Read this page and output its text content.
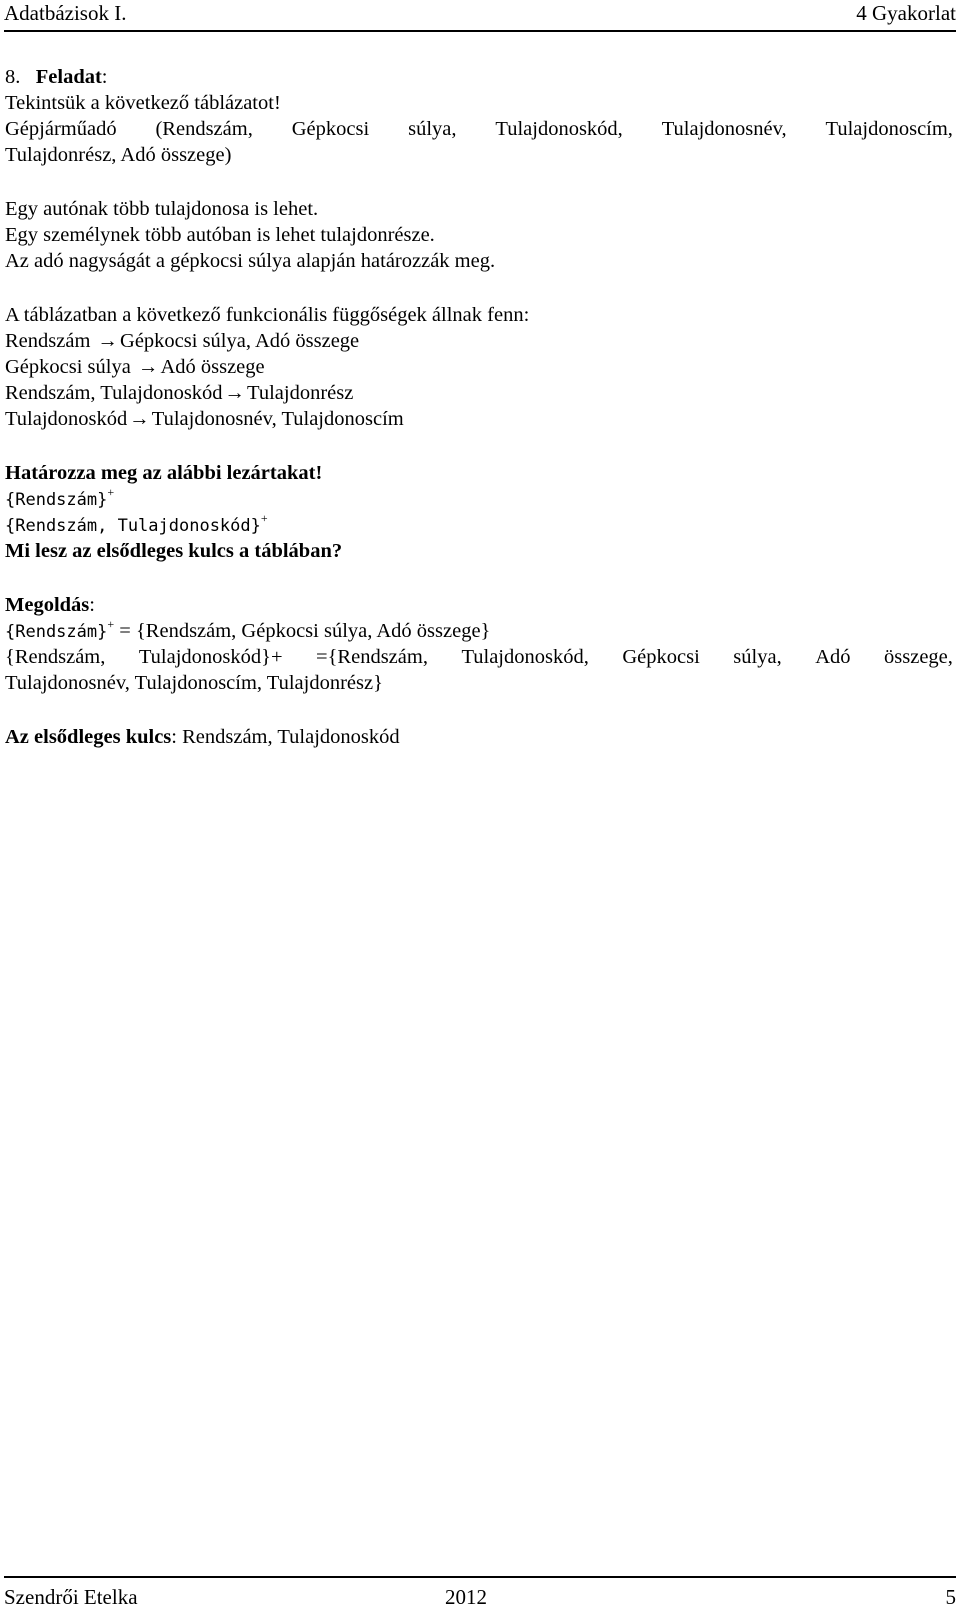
Adatbázisok I.	4 Gyakorlat
8. Feladat:
Tekintsük a következő táblázatot!
Gépjárműadó (Rendszám, Gépkocsi súlya, Tulajdonoskód, Tulajdonosnév, Tulajdonoscím,
Tulajdonrész, Adó összege)
Egy autónak több tulajdonosa is lehet.
Egy személynek több autóban is lehet tulajdonrésze.
Az adó nagyságát a gépkocsi súlya alapján határozzák meg.
A táblázatban a következő funkcionális függőségek állnak fenn:
Rendszám →Gépkocsi súlya, Adó összege
Gépkocsi súlya →Adó összege
Rendszám, Tulajdonoskód→Tulajdonrész
Tulajdonoskód→Tulajdonosnév, Tulajdonoscím
Határozza meg az alábbi lezártakat!
{Rendszám}+
{Rendszám, Tulajdonoskód}+
Mi lesz az elsődleges kulcs a táblában?
Megoldás:
{Rendszám}+ = {Rendszám, Gépkocsi súlya, Adó összege}
{Rendszám, Tulajdonoskód}+ ={Rendszám, Tulajdonoskód, Gépkocsi súlya, Adó összege,
Tulajdonosnév, Tulajdonoscím, Tulajdonrész}
Az elsődleges kulcs: Rendszám, Tulajdonoskód
Szendrői Etelka	2012	5
